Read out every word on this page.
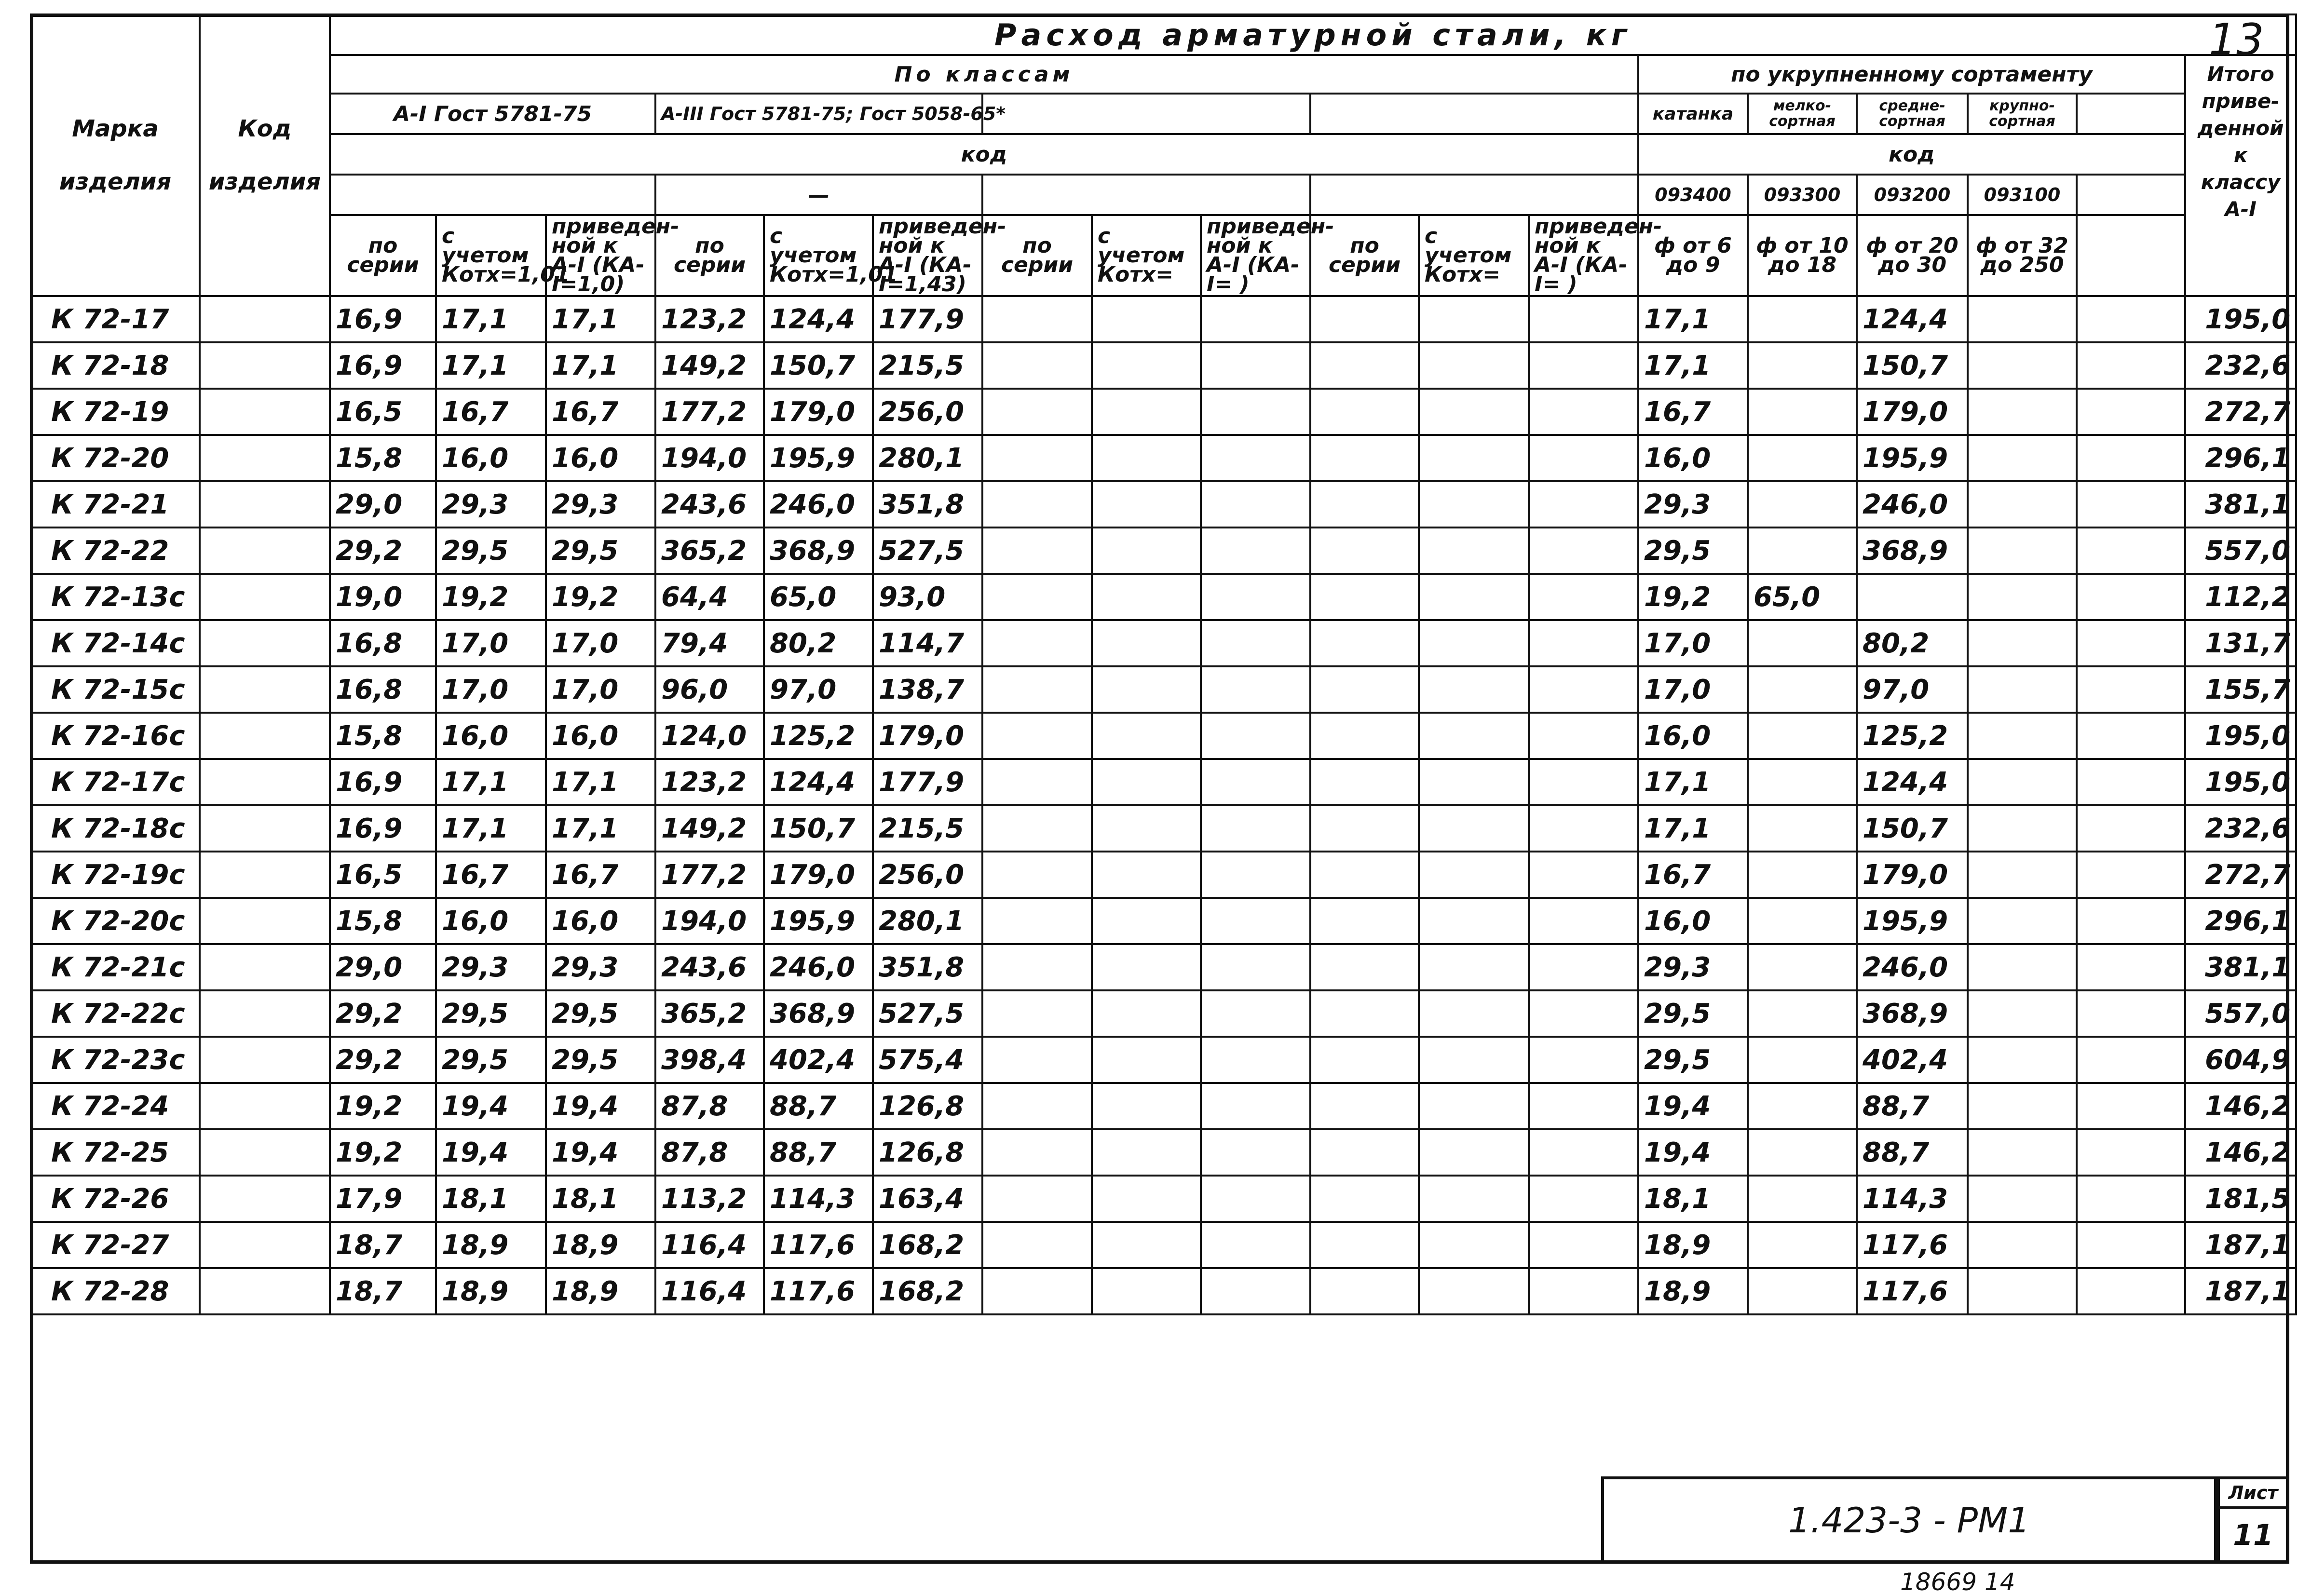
13
Марка изделия	Код изделия	Расход арматурной стали, кг																	
		По классам												по укрупненному сортаменту					Итого приве-денной к классу А-I
		А-I Гост 5781-75			А-III Гост 5781-75; Гост 5058-65*									катанка	мелко-сортная	средне-сортная	крупно-сортная		
		код												код					
					—									093400	093300	093200	093100		
		по серии	с учетом Котх=1,01	приведен-ной к А-I (КА-I=1,0)	по серии	с учетом Котх=1,01	приведен-ной к А-I (КА-I=1,43)	по серии	с учетом Котх=	приведен-ной к А-I (КА-I= )	по серии	с учетом Котх=	приведен-ной к А-I (КА-I= )	ф от 6 до 9	ф от 10 до 18	ф от 20 до 30	ф от 32 до 250		
К 72-17		16,9	17,1	17,1	123,2	124,4	177,9							17,1		124,4			195,0
К 72-18		16,9	17,1	17,1	149,2	150,7	215,5							17,1		150,7			232,6
К 72-19		16,5	16,7	16,7	177,2	179,0	256,0							16,7		179,0			272,7
К 72-20		15,8	16,0	16,0	194,0	195,9	280,1							16,0		195,9			296,1
К 72-21		29,0	29,3	29,3	243,6	246,0	351,8							29,3		246,0			381,1
К 72-22		29,2	29,5	29,5	365,2	368,9	527,5							29,5		368,9			557,0
К 72-13с		19,0	19,2	19,2	64,4	65,0	93,0							19,2	65,0				112,2
К 72-14с		16,8	17,0	17,0	79,4	80,2	114,7							17,0		80,2			131,7
К 72-15с		16,8	17,0	17,0	96,0	97,0	138,7							17,0		97,0			155,7
К 72-16с		15,8	16,0	16,0	124,0	125,2	179,0							16,0		125,2			195,0
К 72-17с		16,9	17,1	17,1	123,2	124,4	177,9							17,1		124,4			195,0
К 72-18с		16,9	17,1	17,1	149,2	150,7	215,5							17,1		150,7			232,6
К 72-19с		16,5	16,7	16,7	177,2	179,0	256,0							16,7		179,0			272,7
К 72-20с		15,8	16,0	16,0	194,0	195,9	280,1							16,0		195,9			296,1
К 72-21с		29,0	29,3	29,3	243,6	246,0	351,8							29,3		246,0			381,1
К 72-22с		29,2	29,5	29,5	365,2	368,9	527,5							29,5		368,9			557,0
К 72-23с		29,2	29,5	29,5	398,4	402,4	575,4							29,5		402,4			604,9
К 72-24		19,2	19,4	19,4	87,8	88,7	126,8							19,4		88,7			146,2
К 72-25		19,2	19,4	19,4	87,8	88,7	126,8							19,4		88,7			146,2
К 72-26		17,9	18,1	18,1	113,2	114,3	163,4							18,1		114,3			181,5
К 72-27		18,7	18,9	18,9	116,4	117,6	168,2							18,9		117,6			187,1
К 72-28		18,7	18,9	18,9	116,4	117,6	168,2							18,9		117,6			187,1
1.423-3 - РМ1
Лист
11
18669 14
